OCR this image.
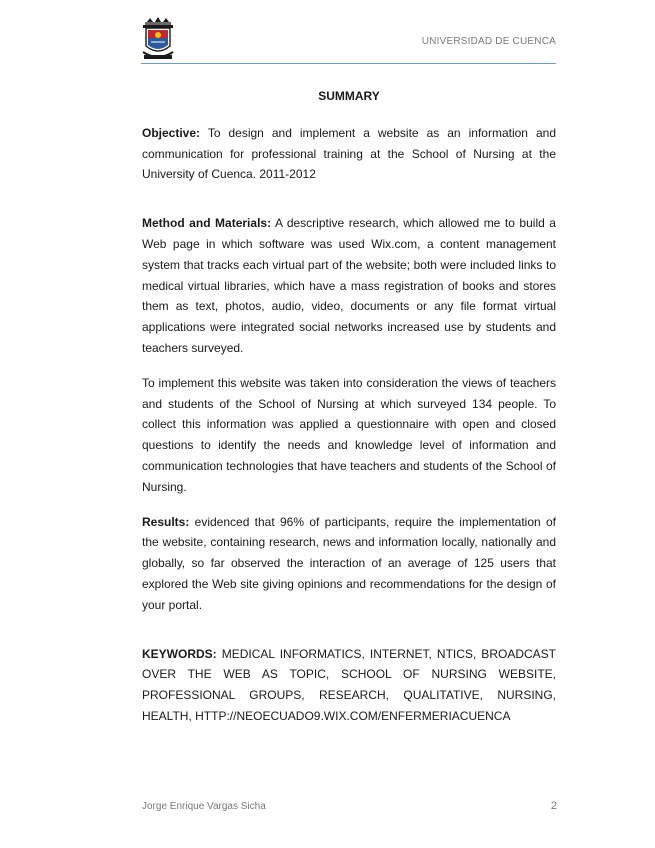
UNIVERSIDAD DE CUENCA
SUMMARY

Objective: To design and implement a website as an information and communication for professional training at the School of Nursing at the University of Cuenca. 2011-2012

Method and Materials: A descriptive research, which allowed me to build a Web page in which software was used Wix.com, a content management system that tracks each virtual part of the website; both were included links to medical virtual libraries, which have a mass registration of books and stores them as text, photos, audio, video, documents or any file format virtual applications were integrated social networks increased use by students and teachers surveyed.

To implement this website was taken into consideration the views of teachers and students of the School of Nursing at which surveyed 134 people. To collect this information was applied a questionnaire with open and closed questions to identify the needs and knowledge level of information and communication technologies that have teachers and students of the School of Nursing.

Results: evidenced that 96% of participants, require the implementation of the website, containing research, news and information locally, nationally and globally, so far observed the interaction of an average of 125 users that explored the Web site giving opinions and recommendations for the design of your portal.

KEYWORDS: MEDICAL INFORMATICS, INTERNET, NTICS, BROADCAST OVER THE WEB AS TOPIC, SCHOOL OF NURSING WEBSITE, PROFESSIONAL GROUPS, RESEARCH, QUALITATIVE, NURSING, HEALTH, HTTP://NEOECUADO9.WIX.COM/ENFERMERIACUENCA

Jorge Enrique Vargas Sicha	2
